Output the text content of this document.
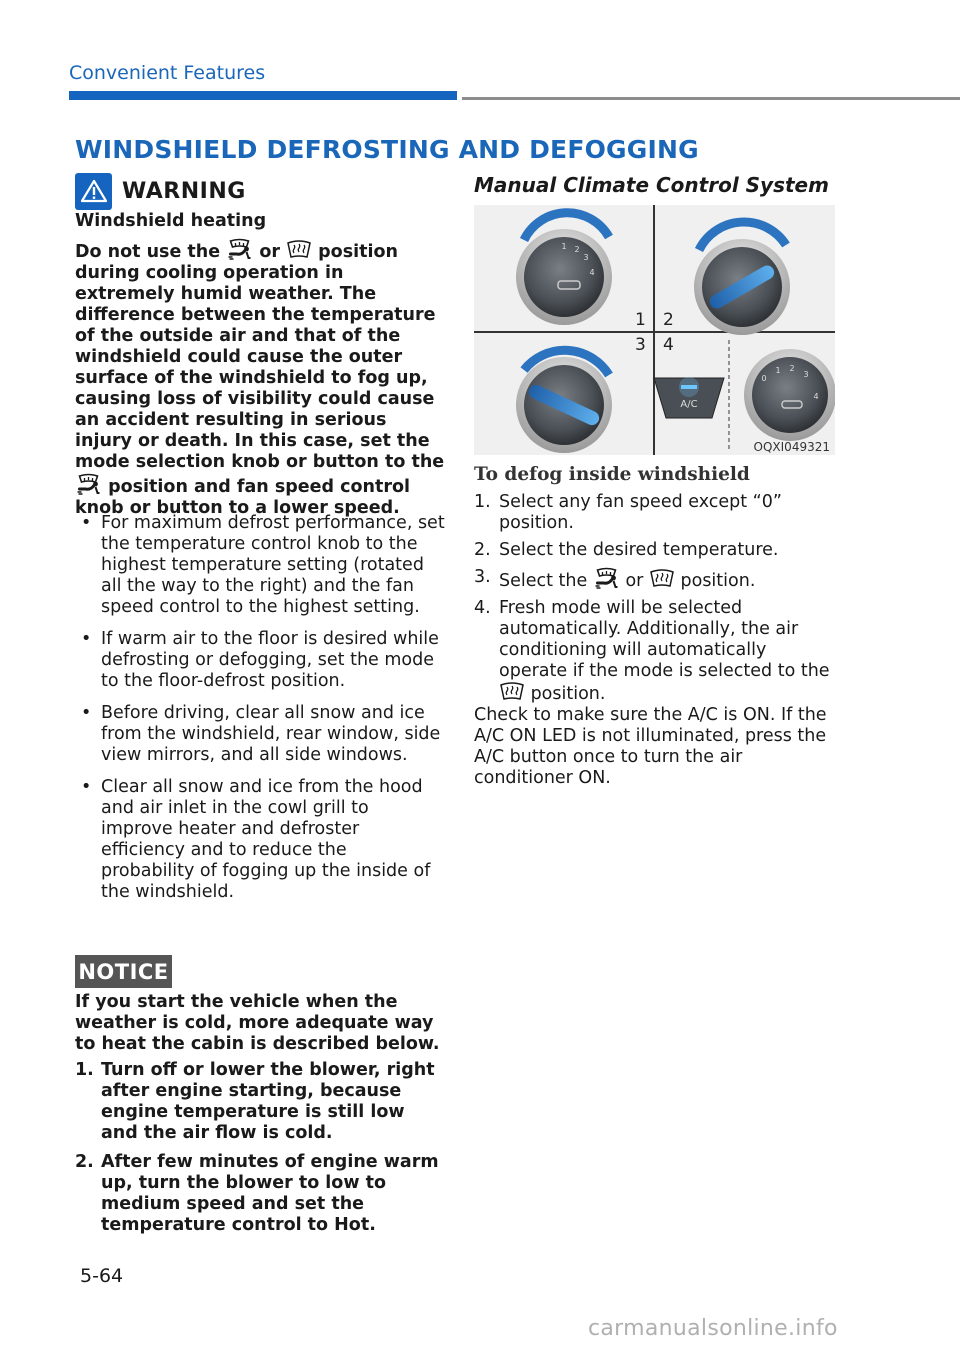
Convenient Features
WINDSHIELD DEFROSTING AND DEFOGGING
WARNING
Windshield heating
Do not use the or position during cooling operation in extremely humid weather. The difference between the temperature of the outside air and that of the windshield could cause the outer surface of the windshield to fog up, causing loss of visibility could cause an accident resulting in serious injury or death. In this case, set the mode selection knob or button to the  position and fan speed control knob or button to a lower speed.
• For maximum defrost performance, set the temperature control knob to the highest temperature setting (rotated all the way to the right) and the fan speed control to the highest setting.
• If warm air to the floor is desired while defrosting or defogging, set the mode to the floor-defrost position.
• Before driving, clear all snow and ice from the windshield, rear window, side view mirrors, and all side windows.
• Clear all snow and ice from the hood and air inlet in the cowl grill to improve heater and defroster efficiency and to reduce the probability of fogging up the inside of the windshield.
NOTICE
If you start the vehicle when the weather is cold, more adequate way to heat the cabin is described below.
1. Turn off or lower the blower, right after engine starting, because engine temperature is still low and the air flow is cold.
2. After few minutes of engine warm up, turn the blower to low to medium speed and set the temperature control to Hot.
5-64
Manual Climate Control System
1 2
3
4
A/C
0
1 2
3
4
1 2
3 4
OQXI049321
To defog inside windshield
1. Select any fan speed except “0” position.
2. Select the desired temperature.
3. Select the or position.
4. Fresh mode will be selected automatically. Additionally, the air conditioning will automatically operate if the mode is selected to the  position.
Check to make sure the A/C is ON. If the A/C ON LED is not illuminated, press the A/C button once to turn the air conditioner ON.
carmanualsonline.info
